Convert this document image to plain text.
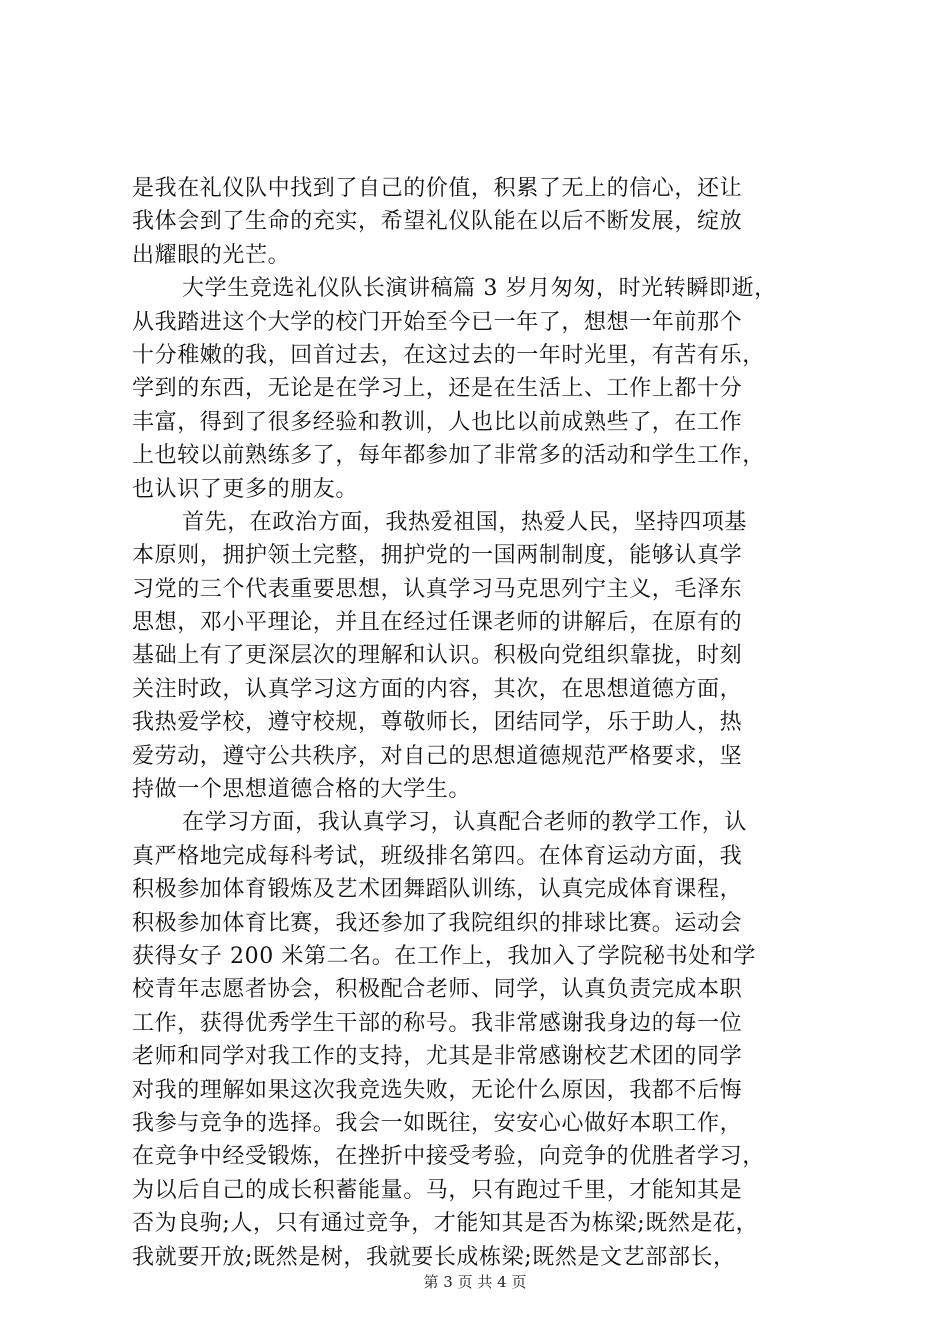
是我在礼仪队中找到了自己的价值，积累了无上的信心，还让
我体会到了生命的充实，希望礼仪队能在以后不断发展，绽放
出耀眼的光芒。
大学生竞选礼仪队长演讲稿篇 3 岁月匆匆，时光转瞬即逝，
从我踏进这个大学的校门开始至今已一年了，想想一年前那个
十分稚嫩的我，回首过去，在这过去的一年时光里，有苦有乐，
学到的东西，无论是在学习上，还是在生活上、工作上都十分
丰富，得到了很多经验和教训，人也比以前成熟些了，在工作
上也较以前熟练多了，每年都参加了非常多的活动和学生工作，
也认识了更多的朋友。
首先，在政治方面，我热爱祖国，热爱人民，坚持四项基
本原则，拥护领土完整，拥护党的一国两制制度，能够认真学
习党的三个代表重要思想，认真学习马克思列宁主义，毛泽东
思想，邓小平理论，并且在经过任课老师的讲解后，在原有的
基础上有了更深层次的理解和认识。积极向党组织靠拢，时刻
关注时政，认真学习这方面的内容，其次，在思想道德方面，
我热爱学校，遵守校规，尊敬师长，团结同学，乐于助人，热
爱劳动，遵守公共秩序，对自己的思想道德规范严格要求，坚
持做一个思想道德合格的大学生。
在学习方面，我认真学习，认真配合老师的教学工作，认
真严格地完成每科考试，班级排名第四。在体育运动方面，我
积极参加体育锻炼及艺术团舞蹈队训练，认真完成体育课程，
积极参加体育比赛，我还参加了我院组织的排球比赛。运动会
获得女子 200 米第二名。在工作上，我加入了学院秘书处和学
校青年志愿者协会，积极配合老师、同学，认真负责完成本职
工作，获得优秀学生干部的称号。我非常感谢我身边的每一位
老师和同学对我工作的支持，尤其是非常感谢校艺术团的同学
对我的理解如果这次我竞选失败，无论什么原因，我都不后悔
我参与竞争的选择。我会一如既往，安安心心做好本职工作，
在竞争中经受锻炼，在挫折中接受考验，向竞争的优胜者学习，
为以后自己的成长积蓄能量。马，只有跑过千里，才能知其是
否为良驹;人，只有通过竞争，才能知其是否为栋梁;既然是花，
我就要开放;既然是树，我就要长成栋梁;既然是文艺部部长，
第 3 页 共 4 页
